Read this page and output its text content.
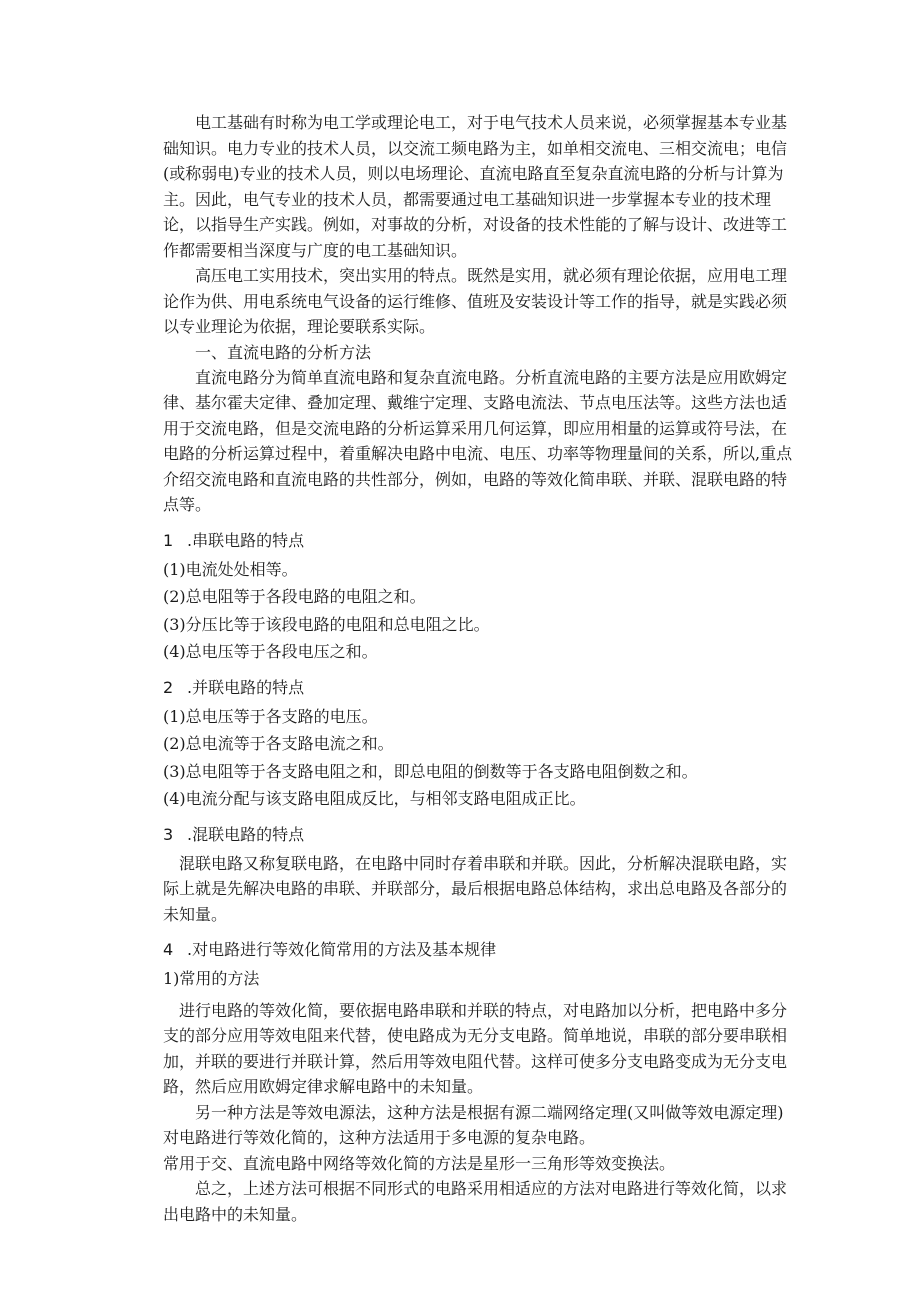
电工基础有时称为电工学或理论电工，对于电气技术人员来说，必须掌握基本专业基础知识。电力专业的技术人员，以交流工频电路为主，如单相交流电、三相交流电；电信(或称弱电)专业的技术人员，则以电场理论、直流电路直至复杂直流电路的分析与计算为主。因此，电气专业的技术人员，都需要通过电工基础知识进一步掌握本专业的技术理论，以指导生产实践。例如，对事故的分析，对设备的技术性能的了解与设计、改进等工作都需要相当深度与广度的电工基础知识。

高压电工实用技术，突出实用的特点。既然是实用，就必须有理论依据，应用电工理论作为供、用电系统电气设备的运行维修、值班及安装设计等工作的指导，就是实践必须以专业理论为依据，理论要联系实际。

一、直流电路的分析方法

直流电路分为简单直流电路和复杂直流电路。分析直流电路的主要方法是应用欧姆定律、基尔霍夫定律、叠加定理、戴维宁定理、支路电流法、节点电压法等。这些方法也适用于交流电路，但是交流电路的分析运算采用几何运算，即应用相量的运算或符号法，在电路的分析运算过程中，着重解决电路中电流、电压、功率等物理量间的关系，所以,重点介绍交流电路和直流电路的共性部分，例如，电路的等效化简串联、并联、混联电路的特点等。

1 .串联电路的特点

(1)电流处处相等。

(2)总电阻等于各段电路的电阻之和。

(3)分压比等于该段电路的电阻和总电阻之比。

(4)总电压等于各段电压之和。

2 .并联电路的特点

(1)总电压等于各支路的电压。

(2)总电流等于各支路电流之和。

(3)总电阻等于各支路电阻之和，即总电阻的倒数等于各支路电阻倒数之和。

(4)电流分配与该支路电阻成反比，与相邻支路电阻成正比。

3 .混联电路的特点

混联电路又称复联电路，在电路中同时存着串联和并联。因此，分析解决混联电路，实际上就是先解决电路的串联、并联部分，最后根据电路总体结构，求出总电路及各部分的未知量。

4 .对电路进行等效化简常用的方法及基本规律

1)常用的方法

进行电路的等效化简，要依据电路串联和并联的特点，对电路加以分析，把电路中多分支的部分应用等效电阻来代替，使电路成为无分支电路。简单地说，串联的部分要串联相加，并联的要进行并联计算，然后用等效电阻代替。这样可使多分支电路变成为无分支电路，然后应用欧姆定律求解电路中的未知量。

另一种方法是等效电源法，这种方法是根据有源二端网络定理(又叫做等效电源定理)对电路进行等效化简的，这种方法适用于多电源的复杂电路。

常用于交、直流电路中网络等效化简的方法是星形一三角形等效变换法。

总之，上述方法可根据不同形式的电路采用相适应的方法对电路进行等效化简，以求出电路中的未知量。
